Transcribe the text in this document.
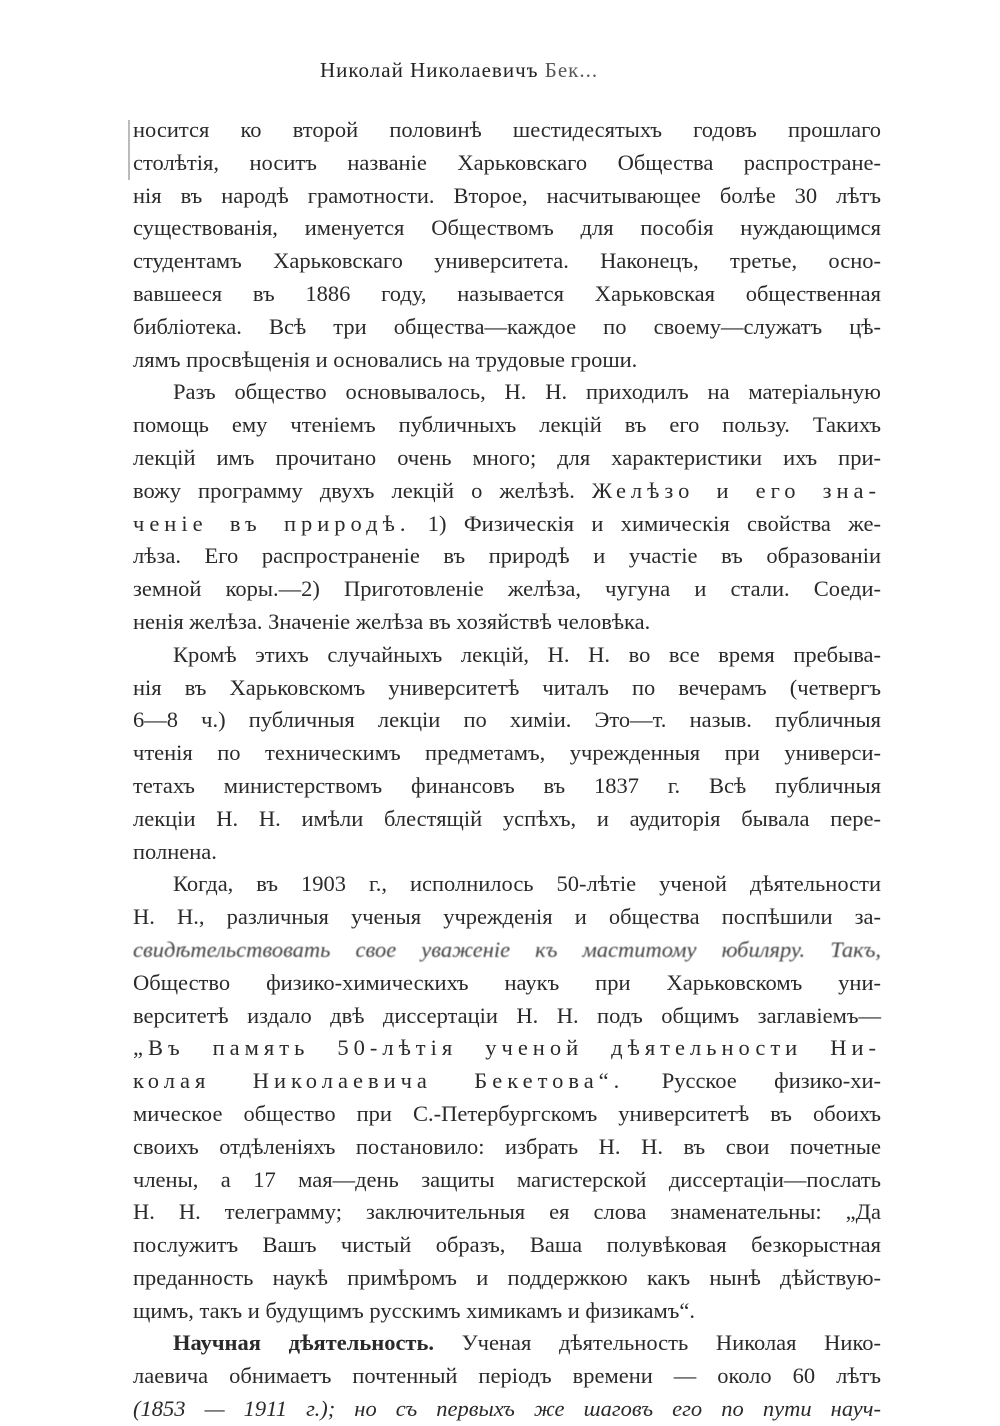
Николай Николаевичъ Бек...
носится ко второй половинѣ шестидесятыхъ годовъ прошлаго
столѣтія, носитъ названіе Харьковскаго Общества распростране-
нія въ народѣ грамотности. Второе, насчитывающее болѣе 30 лѣтъ
существованія, именуется Обществомъ для пособія нуждающимся
студентамъ Харьковскаго университета. Наконецъ, третье, осно-
вавшееся въ 1886 году, называется Харьковская общественная
библіотека. Всѣ три общества—каждое по своему—служатъ цѣ-
лямъ просвѣщенія и основались на трудовые гроши.
Разъ общество основывалось, Н. Н. приходилъ на матеріальную
помощь ему чтеніемъ публичныхъ лекцій въ его пользу. Такихъ
лекцій имъ прочитано очень много; для характеристики ихъ при-
вожу программу двухъ лекцій о желѣзѣ. Желѣзо и его зна-
ченіе въ природѣ. 1) Физическія и химическія свойства же-
лѣза. Его распространеніе въ природѣ и участіе въ образованіи
земной коры.—2) Приготовленіе желѣза, чугуна и стали. Соеди-
ненія желѣза. Значеніе желѣза въ хозяйствѣ человѣка.
Кромѣ этихъ случайныхъ лекцій, Н. Н. во все время пребыва-
нія въ Харьковскомъ университетѣ читалъ по вечерамъ (четвергъ
6—8 ч.) публичныя лекціи по химіи. Это—т. назыв. публичныя
чтенія по техническимъ предметамъ, учрежденныя при универси-
тетахъ министерствомъ финансовъ въ 1837 г. Всѣ публичныя
лекціи Н. Н. имѣли блестящій успѣхъ, и аудиторія бывала пере-
полнена.
Когда, въ 1903 г., исполнилось 50-лѣтіе ученой дѣятельности
Н. Н., различныя ученыя учрежденія и общества поспѣшили за-
свидѣтельствовать свое уваженіе къ маститому юбиляру. Такъ,
Общество физико-химическихъ наукъ при Харьковскомъ уни-
верситетѣ издало двѣ диссертаціи Н. Н. подъ общимъ заглавіемъ—
„Въ память 50-лѣтія ученой дѣятельности Ни-
колая Николаевича Бекетова“. Русское физико-хи-
мическое общество при С.-Петербургскомъ университетѣ въ обоихъ
своихъ отдѣленіяхъ постановило: избрать Н. Н. въ свои почетные
члены, а 17 мая—день защиты магистерской диссертаціи—послать
Н. Н. телеграмму; заключительныя ея слова знаменательны: „Да
послужитъ Вашъ чистый образъ, Ваша полувѣковая безкорыстная
преданность наукѣ примѣромъ и поддержкою какъ нынѣ дѣйствую-
щимъ, такъ и будущимъ русскимъ химикамъ и физикамъ“.
Научная дѣятельность. Ученая дѣятельность Николая Нико-
лаевича обнимаетъ почтенный періодъ времени — около 60 лѣтъ
(1853 — 1911 г.); но съ первыхъ же шаговъ его по пути науч-
